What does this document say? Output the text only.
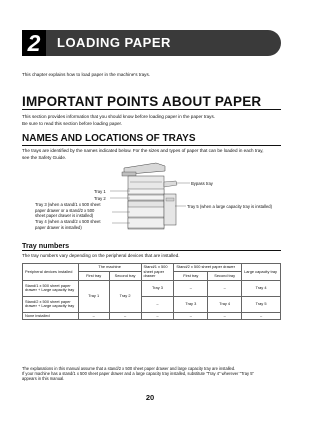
2	LOADING PAPER
This chapter explains how to load paper in the machine's trays.
IMPORTANT POINTS ABOUT PAPER
This section provides information that you should know before loading paper in the paper trays.
Be sure to read this section before loading paper.
NAMES AND LOCATIONS OF TRAYS
The trays are identified by the names indicated below. For the sizes and types of paper that can be loaded in each tray,
see the Safety Guide.
Bypass tray
Tray 1
Tray 2
Tray 3 (when a stand/1 x 500 sheet
paper drawer or a stand/2 x 500
sheet paper drawer is installed)
Tray 4 (when a stand/2 x 500 sheet
paper drawer is installed)
Tray 5 (when a large capacity tray is installed)
Tray numbers
The tray numbers vary depending on the peripheral devices that are installed.
Peripheral devices installed	The machine		Stand/1 x 500 sheet paper drawer	Stand/2 x 500 sheet paper drawer		Large capacity tray
	First tray	Second tray		First tray	Second tray	
Stand/1 x 500 sheet paper drawer + Large capacity tray	Tray 1	Tray 2	Tray 3	–	–	Tray 4
Stand/2 x 500 sheet paper drawer + Large capacity tray			–	Tray 3	Tray 4	Tray 5
None installed	–	–	–	–	–	–
The explanations in this manual assume that a stand/2 x 500 sheet paper drawer and large capacity tray are installed.
If your machine has a stand/1 x 500 sheet paper drawer and a large capacity tray installed, substitute "Tray 4" wherever "Tray 5"
appears in this manual.
20
